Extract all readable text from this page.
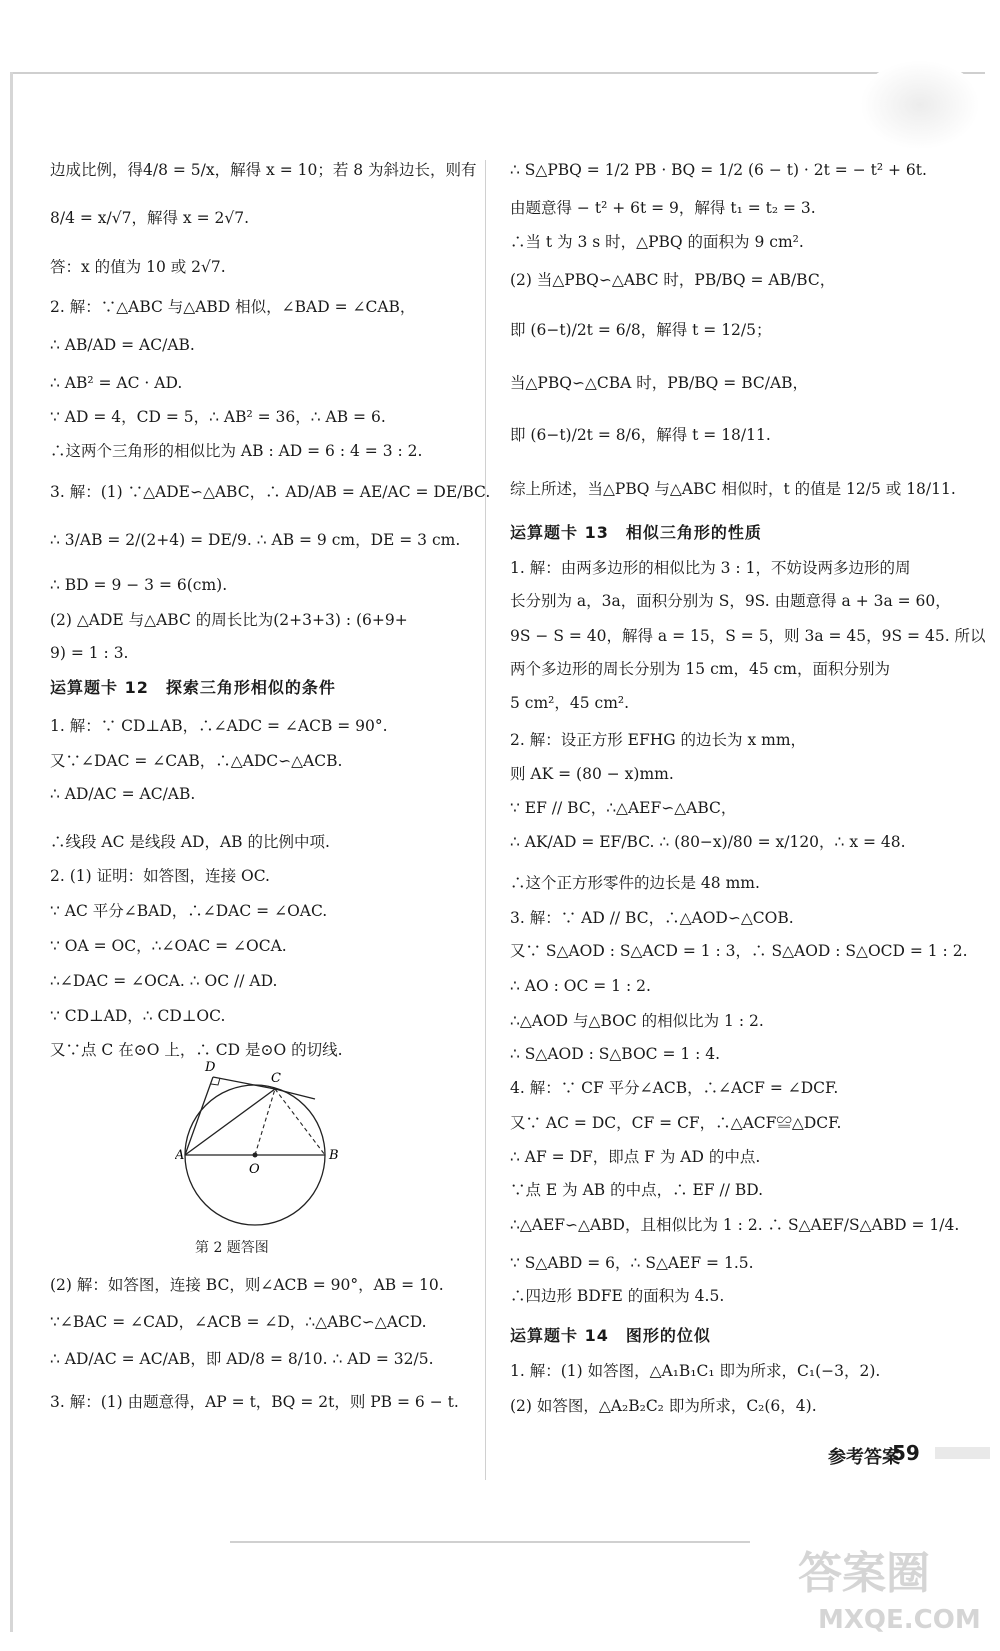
边成比例，得4/8 = 5/x，解得 x = 10；若 8 为斜边长，则有
8/4 = x/√7，解得 x = 2√7.
答：x 的值为 10 或 2√7.
2. 解：∵△ABC 与△ABD 相似，∠BAD = ∠CAB，
∴ AB/AD = AC/AB.
∴ AB² = AC · AD.
∵ AD = 4，CD = 5，∴ AB² = 36，∴ AB = 6.
∴这两个三角形的相似比为 AB : AD = 6 : 4 = 3 : 2.
3. 解：(1) ∵△ADE∽△ABC，∴ AD/AB = AE/AC = DE/BC.
∴ 3/AB = 2/(2+4) = DE/9. ∴ AB = 9 cm，DE = 3 cm.
∴ BD = 9 − 3 = 6(cm).
(2) △ADE 与△ABC 的周长比为(2+3+3) : (6+9+
9) = 1 : 3.
运算题卡 12　探索三角形相似的条件
1. 解：∵ CD⊥AB，∴∠ADC = ∠ACB = 90°.
又∵∠DAC = ∠CAB，∴△ADC∽△ACB.
∴ AD/AC = AC/AB.
∴线段 AC 是线段 AD，AB 的比例中项.
2. (1) 证明：如答图，连接 OC.
∵ AC 平分∠BAD，∴∠DAC = ∠OAC.
∵ OA = OC，∴∠OAC = ∠OCA.
∴∠DAC = ∠OCA. ∴ OC // AD.
∵ CD⊥AD，∴ CD⊥OC.
又∵点 C 在⊙O 上，∴ CD 是⊙O 的切线.
第 2 题答图
(2) 解：如答图，连接 BC，则∠ACB = 90°，AB = 10.
∵∠BAC = ∠CAD，∠ACB = ∠D，∴△ABC∽△ACD.
∴ AD/AC = AC/AB，即 AD/8 = 8/10. ∴ AD = 32/5.
3. 解：(1) 由题意得，AP = t，BQ = 2t，则 PB = 6 − t.
∴ S△PBQ = 1/2 PB · BQ = 1/2 (6 − t) · 2t = − t² + 6t.
由题意得 − t² + 6t = 9，解得 t₁ = t₂ = 3.
∴当 t 为 3 s 时，△PBQ 的面积为 9 cm².
(2) 当△PBQ∽△ABC 时，PB/BQ = AB/BC，
即 (6−t)/2t = 6/8，解得 t = 12/5；
当△PBQ∽△CBA 时，PB/BQ = BC/AB，
即 (6−t)/2t = 8/6，解得 t = 18/11.
综上所述，当△PBQ 与△ABC 相似时，t 的值是 12/5 或 18/11.
运算题卡 13　相似三角形的性质
1. 解：由两多边形的相似比为 3 : 1，不妨设两多边形的周
长分别为 a，3a，面积分别为 S，9S. 由题意得 a + 3a = 60，
9S − S = 40，解得 a = 15，S = 5，则 3a = 45，9S = 45. 所以
两个多边形的周长分别为 15 cm，45 cm，面积分别为
5 cm²，45 cm².
2. 解：设正方形 EFHG 的边长为 x mm，
则 AK = (80 − x)mm.
∵ EF // BC，∴△AEF∽△ABC，
∴ AK/AD = EF/BC. ∴ (80−x)/80 = x/120，∴ x = 48.
∴这个正方形零件的边长是 48 mm.
3. 解：∵ AD // BC，∴△AOD∽△COB.
又∵ S△AOD : S△ACD = 1 : 3，∴ S△AOD : S△OCD = 1 : 2.
∴ AO : OC = 1 : 2.
∴△AOD 与△BOC 的相似比为 1 : 2.
∴ S△AOD : S△BOC = 1 : 4.
4. 解：∵ CF 平分∠ACB，∴∠ACF = ∠DCF.
又∵ AC = DC，CF = CF，∴△ACF≌△DCF.
∴ AF = DF，即点 F 为 AD 的中点.
∵点 E 为 AB 的中点，∴ EF // BD.
∴△AEF∽△ABD，且相似比为 1 : 2. ∴ S△AEF/S△ABD = 1/4.
∵ S△ABD = 6，∴ S△AEF = 1.5.
∴四边形 BDFE 的面积为 4.5.
运算题卡 14　图形的位似
1. 解：(1) 如答图，△A₁B₁C₁ 即为所求，C₁(−3，2).
(2) 如答图，△A₂B₂C₂ 即为所求，C₂(6，4).
D
C
A
O
B
参考答案
59
答案圈
MXQE.COM
